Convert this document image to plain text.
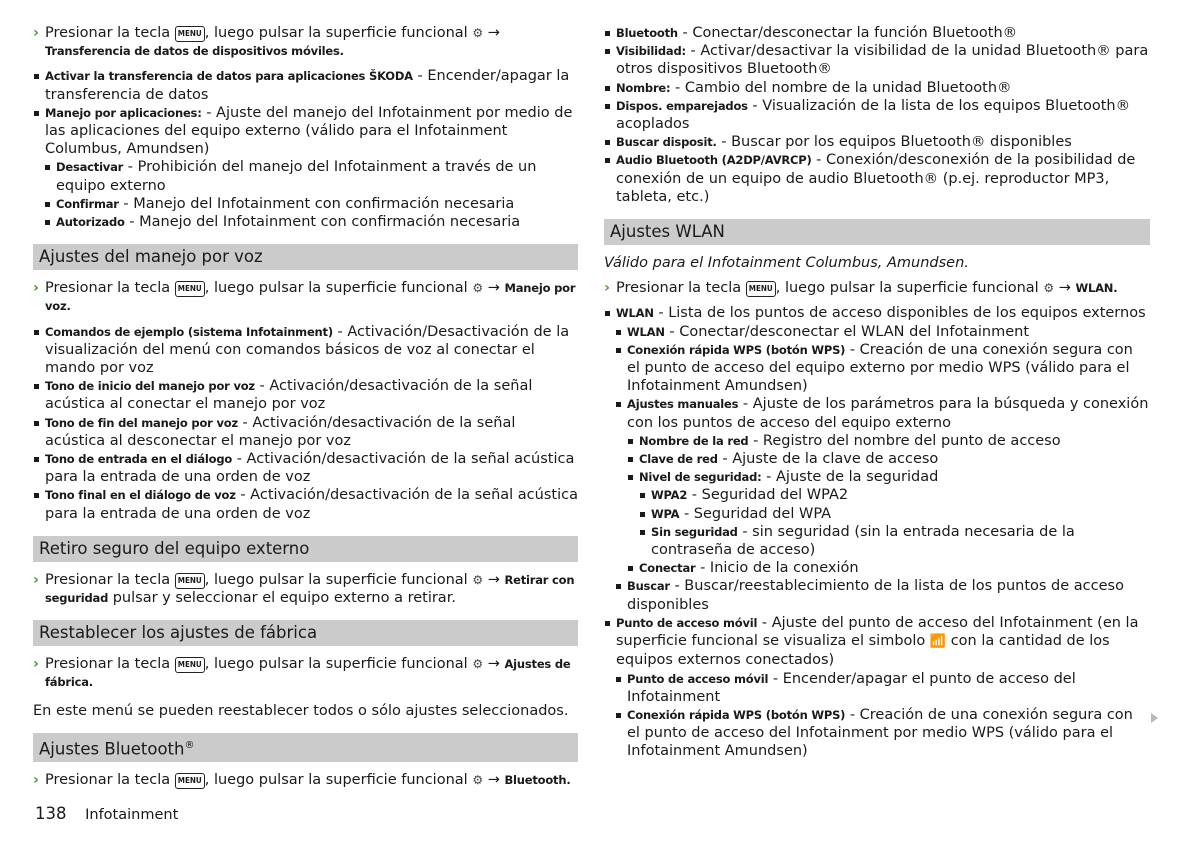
› Presionar la tecla MENU , luego pulsar la superficie funcional ⚙ → Transferencia de datos de dispositivos móviles.

Activar la transferencia de datos para aplicaciones ŠKODA - Encender/apagar la transferencia de datos
Manejo por aplicaciones: - Ajuste del manejo del Infotainment por medio de las aplicaciones del equipo externo (válido para el Infotainment Columbus, Amundsen)
Desactivar - Prohibición del manejo del Infotainment a través de un equipo externo
Confirmar - Manejo del Infotainment con confirmación necesaria
Autorizado - Manejo del Infotainment con confirmación necesaria
Ajustes del manejo por voz

› Presionar la tecla MENU , luego pulsar la superficie funcional ⚙ → Manejo por voz.

Comandos de ejemplo (sistema Infotainment) - Activación/Desactivación de la visualización del menú con comandos básicos de voz al conectar el mando por voz
Tono de inicio del manejo por voz - Activación/desactivación de la señal acústica al conectar el manejo por voz
Tono de fin del manejo por voz - Activación/desactivación de la señal acústica al desconectar el manejo por voz
Tono de entrada en el diálogo - Activación/desactivación de la señal acústica para la entrada de una orden de voz
Tono final en el diálogo de voz - Activación/desactivación de la señal acústica para la entrada de una orden de voz
Retiro seguro del equipo externo

› Presionar la tecla MENU , luego pulsar la superficie funcional ⚙ → Retirar con seguridad pulsar y seleccionar el equipo externo a retirar.

Restablecer los ajustes de fábrica

› Presionar la tecla MENU , luego pulsar la superficie funcional ⚙ → Ajustes de fábrica.

En este menú se pueden reestablecer todos o sólo ajustes seleccionados.

Ajustes Bluetooth®

› Presionar la tecla MENU , luego pulsar la superficie funcional ⚙ → Bluetooth.

Bluetooth - Conectar/desconectar la función Bluetooth®
Visibilidad: - Activar/desactivar la visibilidad de la unidad Bluetooth® para otros dispositivos Bluetooth®
Nombre: - Cambio del nombre de la unidad Bluetooth®
Dispos. emparejados - Visualización de la lista de los equipos Bluetooth® acoplados
Buscar disposit. - Buscar por los equipos Bluetooth® disponibles
Audio Bluetooth (A2DP/AVRCP) - Conexión/desconexión de la posibilidad de conexión de un equipo de audio Bluetooth® (p.ej. reproductor MP3, tableta, etc.)
Ajustes WLAN

Válido para el Infotainment Columbus, Amundsen.

› Presionar la tecla MENU , luego pulsar la superficie funcional ⚙ → WLAN.

WLAN - Lista de los puntos de acceso disponibles de los equipos externos
WLAN - Conectar/desconectar el WLAN del Infotainment
Conexión rápida WPS (botón WPS) - Creación de una conexión segura con el punto de acceso del equipo externo por medio WPS (válido para el Infotainment Amundsen)
Ajustes manuales - Ajuste de los parámetros para la búsqueda y conexión con los puntos de acceso del equipo externo
Nombre de la red - Registro del nombre del punto de acceso
Clave de red - Ajuste de la clave de acceso
Nivel de seguridad: - Ajuste de la seguridad
WPA2 - Seguridad del WPA2
WPA - Seguridad del WPA
Sin seguridad - sin seguridad (sin la entrada necesaria de la contraseña de acceso)
Conectar - Inicio de la conexión
Buscar - Buscar/reestablecimiento de la lista de los puntos de acceso disponibles
Punto de acceso móvil - Ajuste del punto de acceso del Infotainment (en la superficie funcional se visualiza el simbolo 📶 con la cantidad de los equipos externos conectados)
Punto de acceso móvil - Encender/apagar el punto de acceso del Infotainment
Conexión rápida WPS (botón WPS) - Creación de una conexión segura con el punto de acceso del Infotainment por medio WPS (válido para el Infotainment Amundsen)
138 Infotainment
